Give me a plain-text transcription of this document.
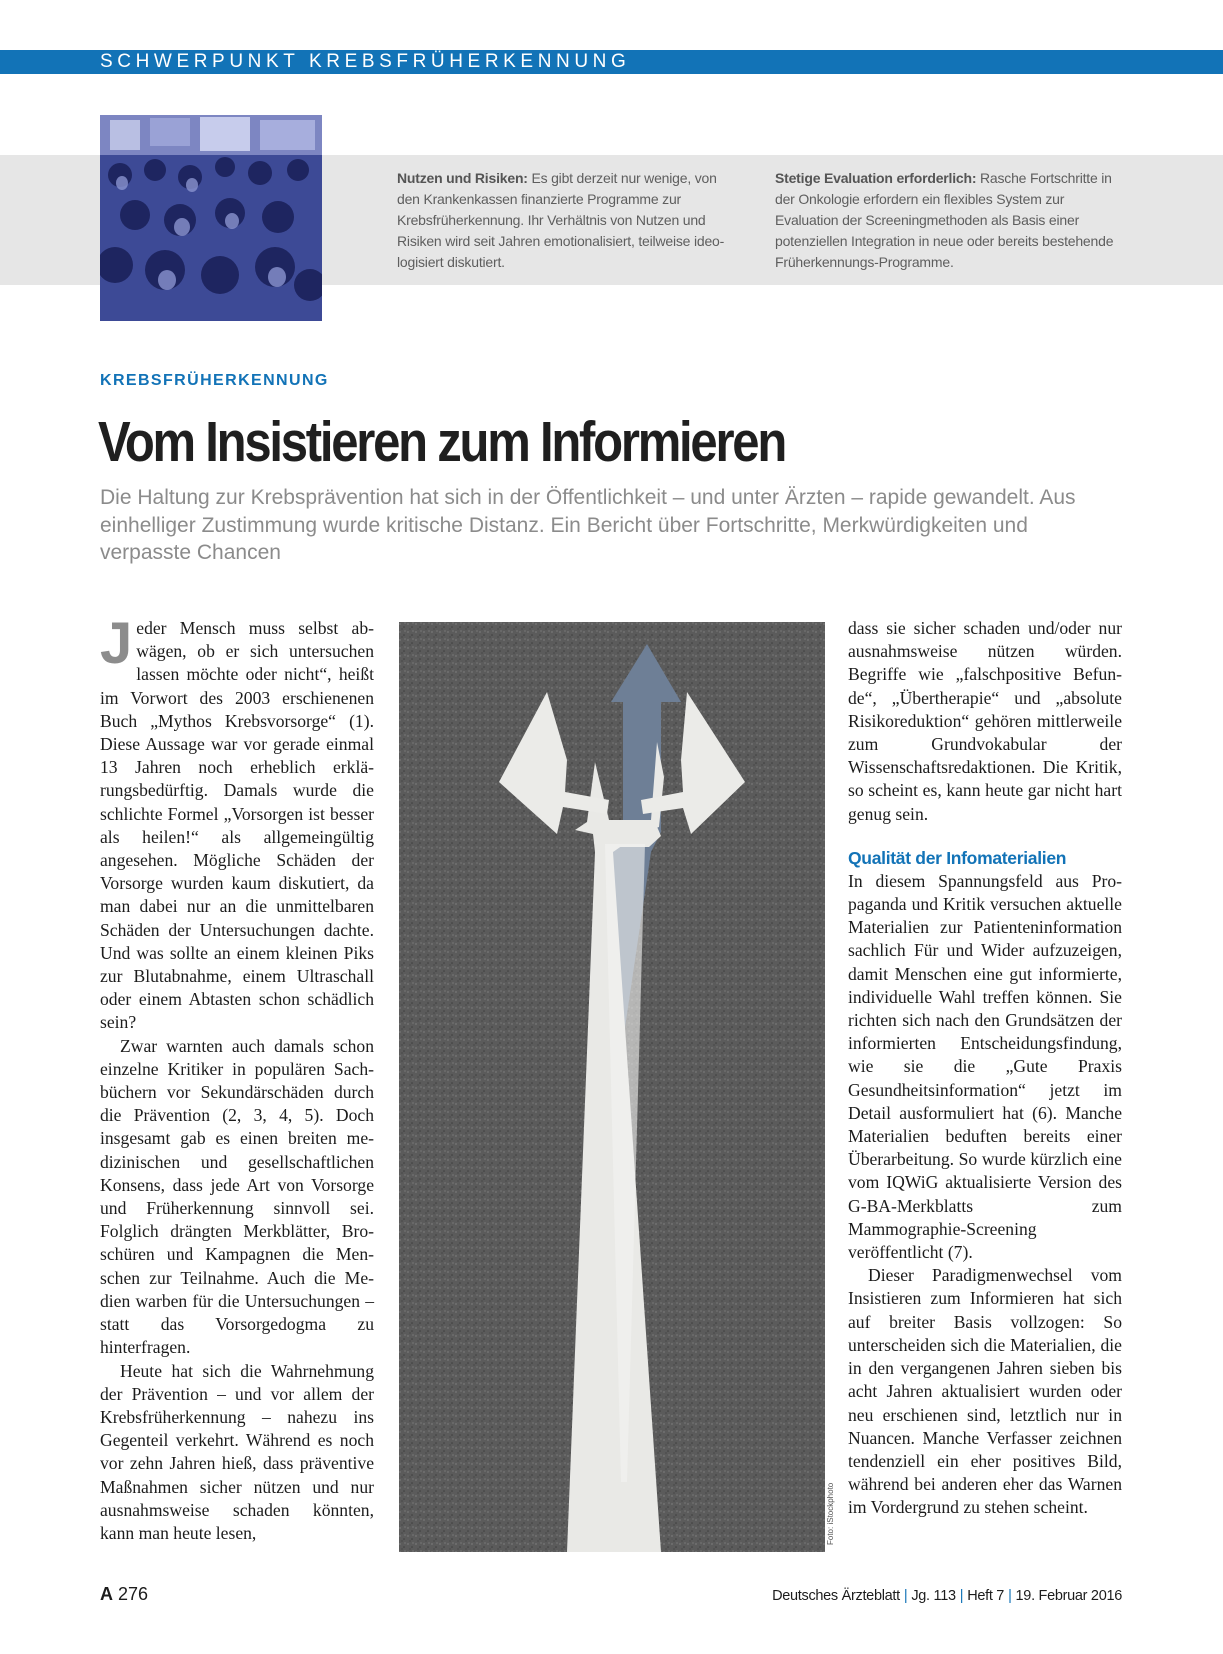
SCHWERPUNKT KREBSFRÜHERKENNUNG
Nutzen und Risiken: Es gibt derzeit nur wenige, von den Krankenkassen finanzierte Programme zur Krebsfrüherkennung. Ihr Verhältnis von Nutzen und Risiken wird seit Jahren emotionalisiert, teilweise ideologisiert diskutiert.
Stetige Evaluation erforderlich: Rasche Fortschritte in der Onkologie erfordern ein flexibles System zur Evaluation der Screeningmethoden als Basis einer potenziellen Integration in neue oder bereits bestehende Früherkennungs-Programme.
KREBSFRÜHERKENNUNG
Vom Insistieren zum Informieren
Die Haltung zur Krebsprävention hat sich in der Öffentlichkeit – und unter Ärzten – rapide gewandelt. Aus einhelliger Zustimmung wurde kritische Distanz. Ein Bericht über Fortschritte, Merkwürdigkeiten und verpasste Chancen

Jeder Mensch muss selbst abwägen, ob er sich untersuchen lassen möchte oder nicht“, heißt im Vorwort des 2003 erschienenen Buch „Mythos Krebsvorsorge“ (1). Diese Aussage war vor gerade einmal 13 Jahren noch erheblich erklärungsbedürftig. Damals wurde die schlichte Formel „Vorsorgen ist besser als heilen!“ als allgemeingültig angesehen. Mögliche Schäden der Vorsorge wurden kaum diskutiert, da man dabei nur an die unmittelbaren Schäden der Untersuchungen dachte. Und was sollte an einem kleinen Piks zur Blutabnahme, einem Ultraschall oder einem Abtasten schon schädlich sein?

Zwar warnten auch damals schon einzelne Kritiker in populären Sachbüchern vor Sekundärschäden durch die Prävention (2, 3, 4, 5). Doch insgesamt gab es einen breiten medizinischen und gesellschaftlichen Konsens, dass jede Art von Vorsorge und Früherkennung sinnvoll sei. Folglich drängten Merkblätter, Broschüren und Kampagnen die Menschen zur Teilnahme. Auch die Medien warben für die Untersuchungen – statt das Vorsorgedogma zu hinterfragen.

Heute hat sich die Wahrnehmung der Prävention – und vor allem der Krebsfrüherkennung – nahezu ins Gegenteil verkehrt. Während es noch vor zehn Jahren hieß, dass präventive Maßnahmen sicher nützen und nur ausnahmsweise schaden könnten, kann man heute lesen,	Foto: iStockphoto

dass sie sicher schaden und/oder nur ausnahmsweise nützen würden. Begriffe wie „falschpositive Befunde“, „Übertherapie“ und „absolute Risikoreduktion“ gehören mittlerweile zum Grundvokabular der Wissenschaftsredaktionen. Die Kritik, so scheint es, kann heute gar nicht hart genug sein.

Qualität der Infomaterialien

In diesem Spannungsfeld aus Propaganda und Kritik versuchen aktuelle Materialien zur Patienteninformation sachlich Für und Wider aufzuzeigen, damit Menschen eine gut informierte, individuelle Wahl treffen können. Sie richten sich nach den Grundsätzen der informierten Entscheidungsfindung, wie sie die „Gute Praxis Gesundheitsinformation“ jetzt im Detail ausformuliert hat (6). Manche Materialien beduften bereits einer Überarbeitung. So wurde kürzlich eine vom IQWiG aktualisierte Version des G-BA-Merkblatts zum Mammographie-Screening veröffentlicht (7).

Dieser Paradigmenwechsel vom Insistieren zum Informieren hat sich auf breiter Basis vollzogen: So unterscheiden sich die Materialien, die in den vergangenen Jahren sieben bis acht Jahren aktualisiert wurden oder neu erschienen sind, letztlich nur in Nuancen. Manche Verfasser zeichnen tendenziell ein eher positives Bild, während bei anderen eher das Warnen im Vordergrund zu stehen scheint.

A 276	Deutsches Ärzteblatt | Jg. 113 | Heft 7 | 19. Februar 2016
